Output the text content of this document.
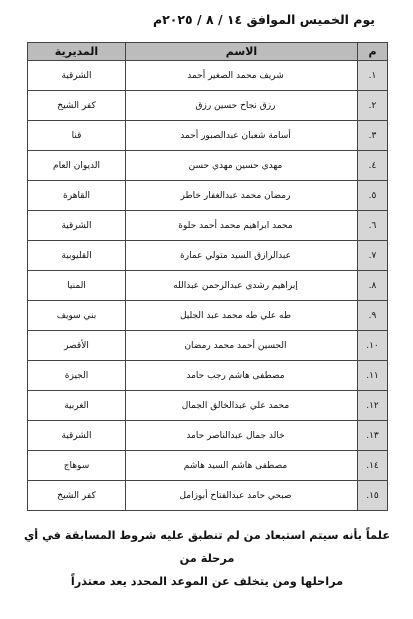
يوم الخميس الموافق ١٤ / ٨ / ٢٠٢٥م
م	الاسم	المديرية
١.	شريف محمد الصغير أحمد	الشرقية
٢.	رزق نجاح حسين رزق	كفر الشيخ
٣.	أسامة شعبان عبدالصبور أحمد	قنا
٤.	مهدي حسين مهدي حسن	الديوان العام
٥.	رمضان محمد عبدالغفار خاطر	القاهرة
٦.	محمد ابراهيم محمد أحمد حلوة	الشرقية
٧.	عبدالرازق السيد متولي عمارة	القليوبية
٨.	إبراهيم رشدي عبدالرحمن عبدالله	المنيا
٩.	طه علي طه محمد عبد الجليل	بني سويف
١٠.	الحسين أحمد محمد رمضان	الأقصر
١١.	مصطفى هاشم رجب حامد	الجيزة
١٢.	محمد علي عبدالخالق الجمال	الغربية
١٣.	خالد جمال عبدالناصر حامد	الشرقية
١٤.	مصطفى هاشم السيد هاشم	سوهاج
١٥.	صبحي حامد عبدالفتاح أبوزامل	كفر الشيخ
علماً بأنه سيتم استبعاد من لم تنطبق عليه شروط المسابقة في أي مرحلة من
مراحلها ومن يتخلف عن الموعد المحدد يعد معتذراً
